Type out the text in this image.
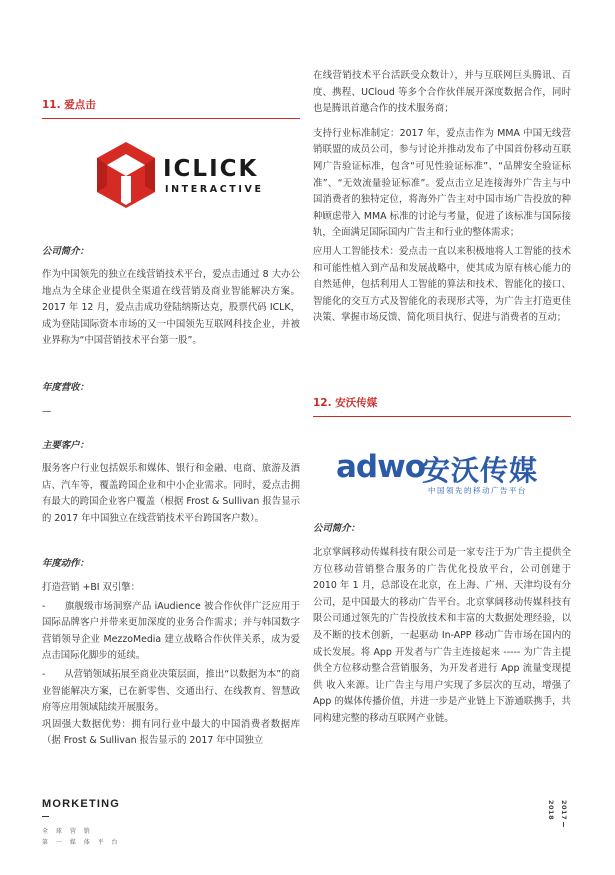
11. 爱点击
ICLICK
INTERACTIVE
公司简介：

作为中国领先的独立在线营销技术平台，爱点击通过 8 大办公地点为全球企业提供全渠道在线营销及商业智能解决方案。2017 年 12 月，爱点击成功登陆纳斯达克，股票代码 ICLK，成为登陆国际资本市场的又一中国领先互联网科技企业，并被业界称为“中国营销技术平台第一股”。

年度营收：
—
主要客户：

服务客户行业包括娱乐和媒体、银行和金融、电商、旅游及酒店、汽车等，覆盖跨国企业和中小企业需求。同时，爱点击拥有最大的跨国企业客户覆盖（根据 Frost & Sullivan 报告显示的 2017 年中国独立在线营销技术平台跨国客户数）。

年度动作：

打造营销 +BI 双引擎：

-　　旗舰级市场洞察产品 iAudience 被合作伙伴广泛应用于国际品牌客户并带来更加深度的业务合作需求；并与韩国数字营销领导企业 MezzoMedia 建立战略合作伙伴关系，成为爱点击国际化脚步的延续。

-　　从营销领域拓展至商业决策层面，推出“以数据为本”的商业智能解决方案，已在新零售、交通出行、在线教育、智慧政府等应用领域陆续开展服务。

巩固强大数据优势：拥有同行业中最大的中国消费者数据库（据 Frost & Sullivan 报告显示的 2017 年中国独立

在线营销技术平台活跃受众数计），并与互联网巨头腾讯、百度、携程、UCloud 等多个合作伙伴展开深度数据合作，同时也是腾讯首邀合作的技术服务商；

支持行业标准制定：2017 年，爱点击作为 MMA 中国无线营销联盟的成员公司，参与讨论并推动发布了中国首份移动互联网广告验证标准，包含“可见性验证标准”、“品牌安全验证标准”、“无效流量验证标准”。爱点击立足连接海外广告主与中国消费者的独特定位，将海外广告主对中国市场广告投放的种种顾虑带入 MMA 标准的讨论与考量，促进了该标准与国际接轨，全面满足国际国内广告主和行业的整体需求；

应用人工智能技术：爱点击一直以来积极地将人工智能的技术和可能性植入到产品和发展战略中，使其成为原有核心能力的自然延伸，包括利用人工智能的算法和技术、智能化的接口、智能化的交互方式及智能化的表现形式等，为广告主打造更佳决策、掌握市场反馈、简化项目执行、促进与消费者的互动；

12. 安沃传媒
adwo
安沃传媒
中国领先的移动广告平台
公司简介：

北京掌阔移动传媒科技有限公司是一家专注于为广告主提供全方位移动营销整合服务的广告优化投放平台，公司创建于 2010 年 1 月，总部设在北京，在上海、广州、天津均设有分公司，是中国最大的移动广告平台。北京掌阔移动传媒科技有限公司通过领先的广告投放技术和丰富的大数据处理经验，以及不断的技术创新，一起驱动 In-APP 移动广告市场在国内的成长发展。将 App 开发者与广告主连接起来 ----- 为广告主提供全方位移动整合营销服务，为开发者进行 App 流量变现提供 收入来源。让广告主与用户实现了多层次的互动，增强了 App 的媒体传播价值，并进一步是产业链上下游通联携手，共同构建完整的移动互联网产业链。

MORKETING
全 球 营 销
第 一 媒 体 平 台
2017
2018
